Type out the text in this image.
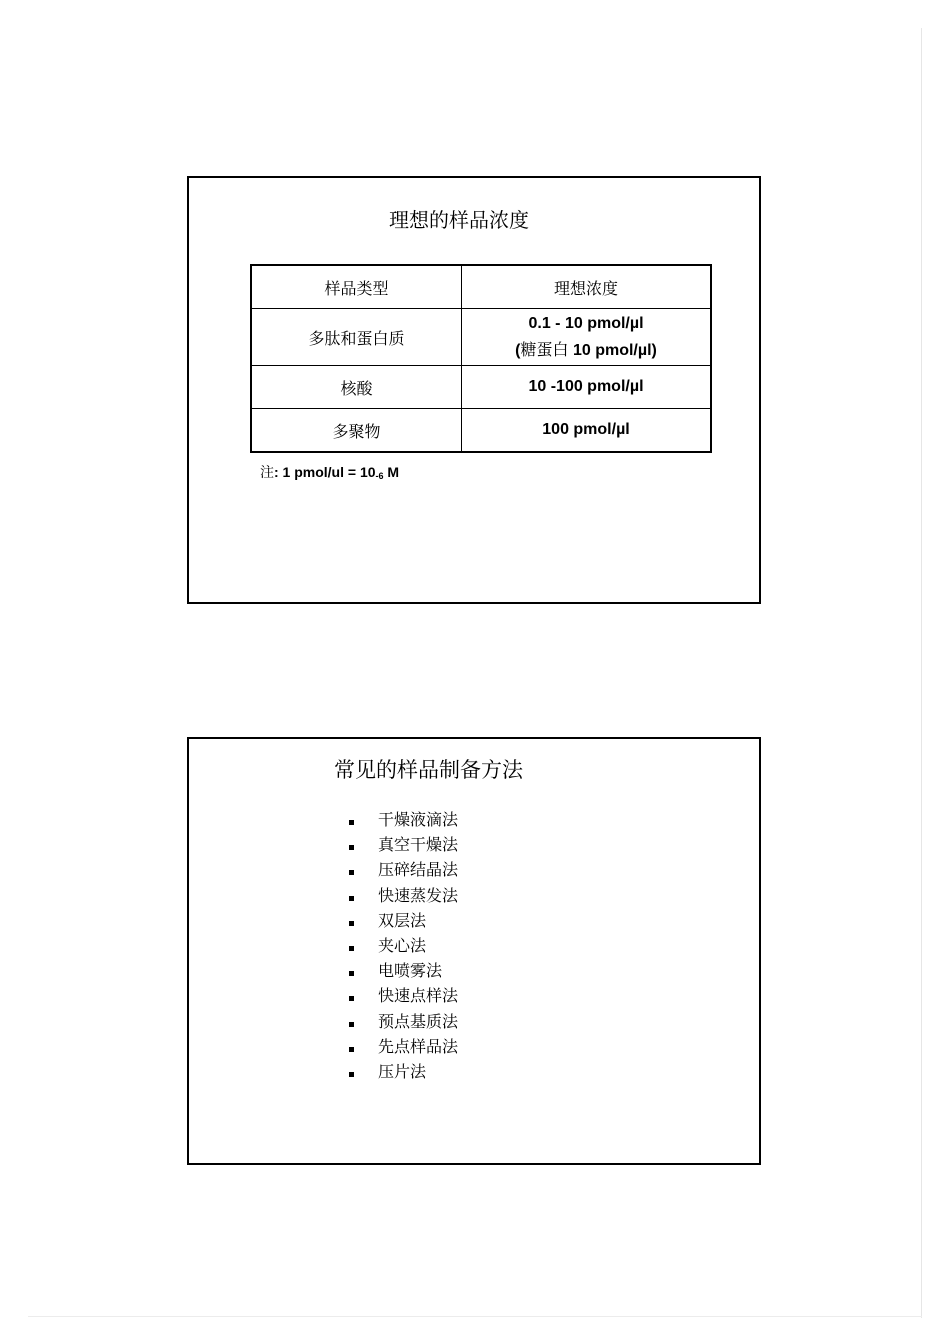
理想的样品浓度
样品类型	理想浓度
多肽和蛋白质	0.1 - 10 pmol/µl
(糖蛋白 10 pmol/µl)

核酸	10 -100 pmol/µl
多聚物	100 pmol/µl
注: 1 pmol/ul = $10^{-6}$ M
常见的样品制备方法
干燥液滴法
真空干燥法
压碎结晶法
快速蒸发法
双层法
夹心法
电喷雾法
快速点样法
预点基质法
先点样品法
压片法
